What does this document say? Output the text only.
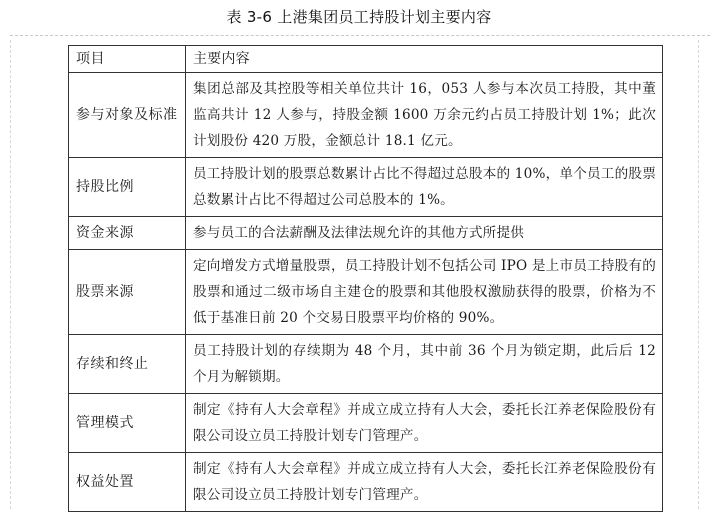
表 3-6 上港集团员工持股计划主要内容
项目	主要内容
参与对象及标准	集团总部及其控股等相关单位共计 16，053 人参与本次员工持股，其中董监高共计 12 人参与，持股金额 1600 万余元约占员工持股计划 1%；此次计划股份 420 万股，金额总计 18.1 亿元。
持股比例	员工持股计划的股票总数累计占比不得超过总股本的 10%，单个员工的股票总数累计占比不得超过公司总股本的 1%。
资金来源	参与员工的合法薪酬及法律法规允许的其他方式所提供
股票来源	定向增发方式增量股票，员工持股计划不包括公司 IPO 是上市员工持股有的股票和通过二级市场自主建仓的股票和其他股权激励获得的股票，价格为不低于基准日前 20 个交易日股票平均价格的 90%。
存续和终止	员工持股计划的存续期为 48 个月，其中前 36 个月为锁定期，此后后 12 个月为解锁期。
管理模式	制定《持有人大会章程》并成立成立持有人大会，委托长江养老保险股份有限公司设立员工持股计划专门管理产。
权益处置	制定《持有人大会章程》并成立成立持有人大会，委托长江养老保险股份有限公司设立员工持股计划专门管理产。
